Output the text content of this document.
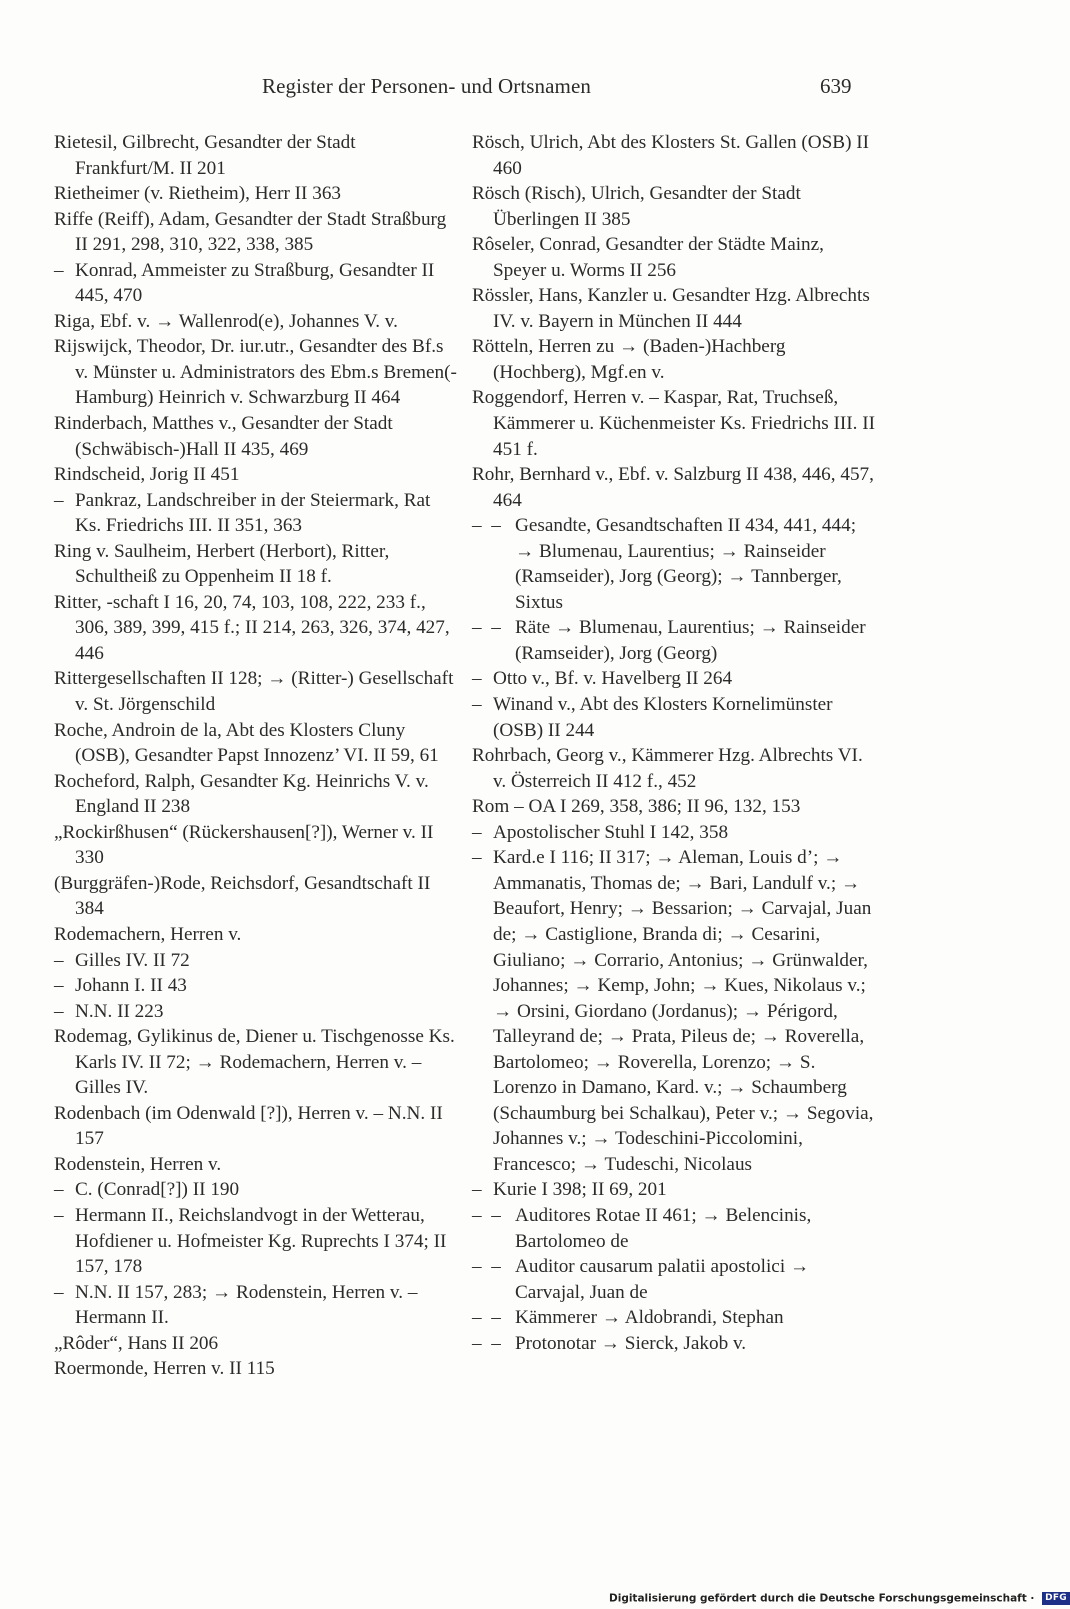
Register der Personen- und Ortsnamen	639
Rietesil, Gilbrecht, Gesandter der Stadt Frankfurt/M. II 201
Rietheimer (v. Rietheim), Herr II 363
Riffe (Reiff), Adam, Gesandter der Stadt Straßburg II 291, 298, 310, 322, 338, 385
–
Konrad, Ammeister zu Straßburg, Gesandter II 445, 470
Riga, Ebf. v. → Wallenrod(e), Johannes V. v.
Rijswijck, Theodor, Dr. iur.utr., Gesandter des Bf.s v. Münster u. Administrators des Ebm.s Bremen(-Hamburg) Heinrich v. Schwarzburg II 464
Rinderbach, Matthes v., Gesandter der Stadt (Schwäbisch-)Hall II 435, 469
Rindscheid, Jorig II 451
–
Pankraz, Landschreiber in der Steiermark, Rat Ks. Friedrichs III. II 351, 363
Ring v. Saulheim, Herbert (Herbort), Ritter, Schultheiß zu Oppenheim II 18 f.
Ritter, -schaft I 16, 20, 74, 103, 108, 222, 233 f., 306, 389, 399, 415 f.; II 214, 263, 326, 374, 427, 446
Rittergesellschaften II 128; → (Ritter-) Gesellschaft v. St. Jörgenschild
Roche, Androin de la, Abt des Klosters Cluny (OSB), Gesandter Papst Innozenz’ VI. II 59, 61
Rocheford, Ralph, Gesandter Kg. Heinrichs V. v. England II 238
„Rockirßhusen“ (Rückershausen[?]), Werner v. II 330
(Burggräfen-)Rode, Reichsdorf, Gesandtschaft II 384
Rodemachern, Herren v.
–
Gilles IV. II 72
–
Johann I. II 43
–
N.N. II 223
Rodemag, Gylikinus de, Diener u. Tischgenosse Ks. Karls IV. II 72; → Rodemachern, Herren v. – Gilles IV.
Rodenbach (im Odenwald [?]), Herren v. – N.N. II 157
Rodenstein, Herren v.
–
C. (Conrad[?]) II 190
–
Hermann II., Reichslandvogt in der Wetterau, Hofdiener u. Hofmeister Kg. Ruprechts I 374; II 157, 178
–
N.N. II 157, 283; → Rodenstein, Herren v. – Hermann II.
„Rôder“, Hans II 206
Roermonde, Herren v. II 115
Rösch, Ulrich, Abt des Klosters St. Gallen (OSB) II 460
Rösch (Risch), Ulrich, Gesandter der Stadt Überlingen II 385
Rôseler, Conrad, Gesandter der Städte Mainz, Speyer u. Worms II 256
Rössler, Hans, Kanzler u. Gesandter Hzg. Albrechts IV. v. Bayern in München II 444
Rötteln, Herren zu → (Baden-)Hachberg (Hochberg), Mgf.en v.
Roggendorf, Herren v. – Kaspar, Rat, Truchseß, Kämmerer u. Küchenmeister Ks. Friedrichs III. II 451 f.
Rohr, Bernhard v., Ebf. v. Salzburg II 438, 446, 457, 464
–  –
Gesandte, Gesandtschaften II 434, 441, 444; → Blumenau, Laurentius; → Rainseider (Ramseider), Jorg (Georg); → Tannberger, Sixtus
–  –
Räte → Blumenau, Laurentius; → Rainseider (Ramseider), Jorg (Georg)
–
Otto v., Bf. v. Havelberg II 264
–
Winand v., Abt des Klosters Kornelimünster (OSB) II 244
Rohrbach, Georg v., Kämmerer Hzg. Albrechts VI. v. Österreich II 412 f., 452
Rom – OA I 269, 358, 386; II 96, 132, 153
–
Apostolischer Stuhl I 142, 358
–
Kard.e I 116; II 317; → Aleman, Louis d’; → Ammanatis, Thomas de; → Bari, Landulf v.; → Beaufort, Henry; → Bessarion; → Carvajal, Juan de; → Castiglione, Branda di; → Cesarini, Giuliano; → Corrario, Antonius; → Grünwalder, Johannes; → Kemp, John; → Kues, Nikolaus v.; → Orsini, Giordano (Jordanus); → Périgord, Talleyrand de; → Prata, Pileus de; → Roverella, Bartolomeo; → Roverella, Lorenzo; → S. Lorenzo in Damano, Kard. v.; → Schaumberg (Schaumburg bei Schalkau), Peter v.; → Segovia, Johannes v.; → Todeschini-Piccolomini, Francesco; → Tudeschi, Nicolaus
–
Kurie I 398; II 69, 201
–  –
Auditores Rotae II 461; → Belencinis, Bartolomeo de
–  –
Auditor causarum palatii apostolici → Carvajal, Juan de
–  –
Kämmerer → Aldobrandi, Stephan
–  –
Protonotar → Sierck, Jakob v.
Digitalisierung gefördert durch die Deutsche Forschungsgemeinschaft · DFG
